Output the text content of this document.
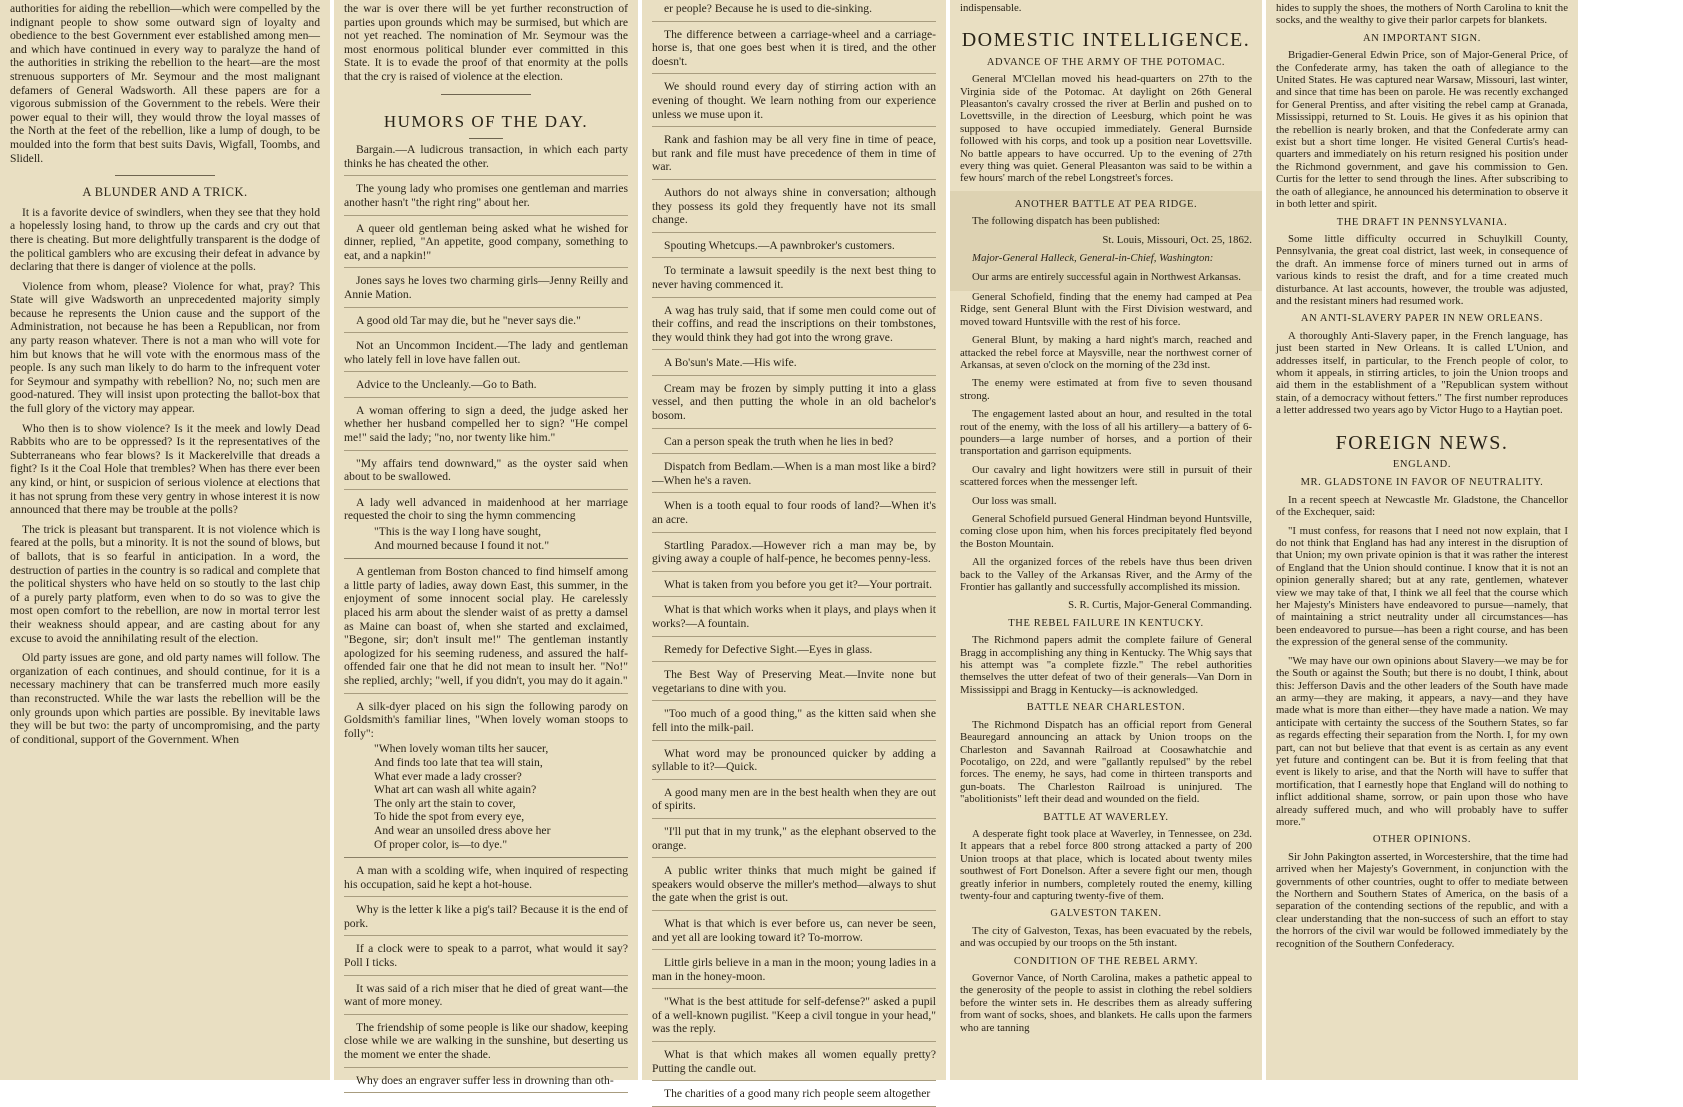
authorities for aiding the rebellion—which were compelled by the indignant people to show some outward sign of loyalty and obedience to the best Government ever established among men—and which have continued in every way to paralyze the hand of the authorities in striking the rebellion to the heart—are the most strenuous supporters of Mr. Seymour and the most malignant defamers of General Wadsworth. All these papers are for a vigorous submission of the Government to the rebels. Were their power equal to their will, they would throw the loyal masses of the North at the feet of the rebellion, like a lump of dough, to be moulded into the form that best suits Davis, Wigfall, Toombs, and Slidell.

A BLUNDER AND A TRICK.

It is a favorite device of swindlers, when they see that they hold a hopelessly losing hand, to throw up the cards and cry out that there is cheating. But more delightfully transparent is the dodge of the political gamblers who are excusing their defeat in advance by declaring that there is danger of violence at the polls.

Violence from whom, please? Violence for what, pray? This State will give Wadsworth an unprecedented majority simply because he represents the Union cause and the support of the Administration, not because he has been a Republican, nor from any party reason whatever. There is not a man who will vote for him but knows that he will vote with the enormous mass of the people. Is any such man likely to do harm to the infrequent voter for Seymour and sympathy with rebellion? No, no; such men are good-natured. They will insist upon protecting the ballot-box that the full glory of the victory may appear.

Who then is to show violence? Is it the meek and lowly Dead Rabbits who are to be oppressed? Is it the representatives of the Subterraneans who fear blows? Is it Mackerelville that dreads a fight? Is it the Coal Hole that trembles? When has there ever been any kind, or hint, or suspicion of serious violence at elections that it has not sprung from these very gentry in whose interest it is now announced that there may be trouble at the polls?

The trick is pleasant but transparent. It is not violence which is feared at the polls, but a minority. It is not the sound of blows, but of ballots, that is so fearful in anticipation. In a word, the destruction of parties in the country is so radical and complete that the political shysters who have held on so stoutly to the last chip of a purely party platform, even when to do so was to give the most open comfort to the rebellion, are now in mortal terror lest their weakness should appear, and are casting about for any excuse to avoid the annihilating result of the election.

Old party issues are gone, and old party names will follow. The organization of each continues, and should continue, for it is a necessary machinery that can be transferred much more easily than reconstructed. While the war lasts the rebellion will be the only grounds upon which parties are possible. By inevitable laws they will be but two: the party of uncompromising, and the party of conditional, support of the Government. When

the war is over there will be yet further reconstruction of parties upon grounds which may be surmised, but which are not yet reached. The nomination of Mr. Seymour was the most enormous political blunder ever committed in this State. It is to evade the proof of that enormity at the polls that the cry is raised of violence at the election.

HUMORS OF THE DAY.

Bargain.—A ludicrous transaction, in which each party thinks he has cheated the other.

The young lady who promises one gentleman and marries another hasn't "the right ring" about her.

A queer old gentleman being asked what he wished for dinner, replied, "An appetite, good company, something to eat, and a napkin!"

Jones says he loves two charming girls—Jenny Reilly and Annie Mation.

A good old Tar may die, but he "never says die."

Not an Uncommon Incident.—The lady and gentleman who lately fell in love have fallen out.

Advice to the Uncleanly.—Go to Bath.

A woman offering to sign a deed, the judge asked her whether her husband compelled her to sign? "He compel me!" said the lady; "no, nor twenty like him."

"My affairs tend downward," as the oyster said when about to be swallowed.

A lady well advanced in maidenhood at her marriage requested the choir to sing the hymn commencing

"This is the way I long have sought,
And mourned because I found it not."

A gentleman from Boston chanced to find himself among a little party of ladies, away down East, this summer, in the enjoyment of some innocent social play. He carelessly placed his arm about the slender waist of as pretty a damsel as Maine can boast of, when she started and exclaimed, "Begone, sir; don't insult me!" The gentleman instantly apologized for his seeming rudeness, and assured the half-offended fair one that he did not mean to insult her. "No!" she replied, archly; "well, if you didn't, you may do it again."

A silk-dyer placed on his sign the following parody on Goldsmith's familiar lines, "When lovely woman stoops to folly":

"When lovely woman tilts her saucer,
And finds too late that tea will stain,
What ever made a lady crosser?
What art can wash all white again?
The only art the stain to cover,
To hide the spot from every eye,
And wear an unsoiled dress above her
Of proper color, is—to dye."

A man with a scolding wife, when inquired of respecting his occupation, said he kept a hot-house.

Why is the letter k like a pig's tail? Because it is the end of pork.

If a clock were to speak to a parrot, what would it say? Poll I ticks.

It was said of a rich miser that he died of great want—the want of more money.

The friendship of some people is like our shadow, keeping close while we are walking in the sunshine, but deserting us the moment we enter the shade.

Why does an engraver suffer less in drowning than oth-

er people? Because he is used to die-sinking.

The difference between a carriage-wheel and a carriage-horse is, that one goes best when it is tired, and the other doesn't.

We should round every day of stirring action with an evening of thought. We learn nothing from our experience unless we muse upon it.

Rank and fashion may be all very fine in time of peace, but rank and file must have precedence of them in time of war.

Authors do not always shine in conversation; although they possess its gold they frequently have not its small change.

Spouting Whetcups.—A pawnbroker's customers.

To terminate a lawsuit speedily is the next best thing to never having commenced it.

A wag has truly said, that if some men could come out of their coffins, and read the inscriptions on their tombstones, they would think they had got into the wrong grave.

A Bo'sun's Mate.—His wife.

Cream may be frozen by simply putting it into a glass vessel, and then putting the whole in an old bachelor's bosom.

Can a person speak the truth when he lies in bed?

Dispatch from Bedlam.—When is a man most like a bird?—When he's a raven.

When is a tooth equal to four roods of land?—When it's an acre.

Startling Paradox.—However rich a man may be, by giving away a couple of half-pence, he becomes penny-less.

What is taken from you before you get it?—Your portrait.

What is that which works when it plays, and plays when it works?—A fountain.

Remedy for Defective Sight.—Eyes in glass.

The Best Way of Preserving Meat.—Invite none but vegetarians to dine with you.

"Too much of a good thing," as the kitten said when she fell into the milk-pail.

What word may be pronounced quicker by adding a syllable to it?—Quick.

A good many men are in the best health when they are out of spirits.

"I'll put that in my trunk," as the elephant observed to the orange.

A public writer thinks that much might be gained if speakers would observe the miller's method—always to shut the gate when the grist is out.

What is that which is ever before us, can never be seen, and yet all are looking toward it? To-morrow.

Little girls believe in a man in the moon; young ladies in a man in the honey-moon.

"What is the best attitude for self-defense?" asked a pupil of a well-known pugilist. "Keep a civil tongue in your head," was the reply.

What is that which makes all women equally pretty? Putting the candle out.

The charities of a good many rich people seem altogether

indispensable.

DOMESTIC INTELLIGENCE.
ADVANCE OF THE ARMY OF THE POTOMAC.

General M'Clellan moved his head-quarters on 27th to the Virginia side of the Potomac. At daylight on 26th General Pleasanton's cavalry crossed the river at Berlin and pushed on to Lovettsville, in the direction of Leesburg, which point he was supposed to have occupied immediately. General Burnside followed with his corps, and took up a position near Lovettsville. No battle appears to have occurred. Up to the evening of 27th every thing was quiet. General Pleasanton was said to be within a few hours' march of the rebel Longstreet's forces.

ANOTHER BATTLE AT PEA RIDGE.

The following dispatch has been published:

St. Louis, Missouri, Oct. 25, 1862.

Major-General Halleck, General-in-Chief, Washington:

Our arms are entirely successful again in Northwest Arkansas.

General Schofield, finding that the enemy had camped at Pea Ridge, sent General Blunt with the First Division westward, and moved toward Huntsville with the rest of his force.

General Blunt, by making a hard night's march, reached and attacked the rebel force at Maysville, near the northwest corner of Arkansas, at seven o'clock on the morning of the 23d inst.

The enemy were estimated at from five to seven thousand strong.

The engagement lasted about an hour, and resulted in the total rout of the enemy, with the loss of all his artillery—a battery of 6-pounders—a large number of horses, and a portion of their transportation and garrison equipments.

Our cavalry and light howitzers were still in pursuit of their scattered forces when the messenger left.

Our loss was small.

General Schofield pursued General Hindman beyond Huntsville, coming close upon him, when his forces precipitately fled beyond the Boston Mountain.

All the organized forces of the rebels have thus been driven back to the Valley of the Arkansas River, and the Army of the Frontier has gallantly and successfully accomplished its mission.

S. R. Curtis, Major-General Commanding.

THE REBEL FAILURE IN KENTUCKY.

The Richmond papers admit the complete failure of General Bragg in accomplishing any thing in Kentucky. The Whig says that his attempt was "a complete fizzle." The rebel authorities themselves the utter defeat of two of their generals—Van Dorn in Mississippi and Bragg in Kentucky—is acknowledged.

BATTLE NEAR CHARLESTON.

The Richmond Dispatch has an official report from General Beauregard announcing an attack by Union troops on the Charleston and Savannah Railroad at Coosawhatchie and Pocotaligo, on 22d, and were "gallantly repulsed" by the rebel forces. The enemy, he says, had come in thirteen transports and gun-boats. The Charleston Railroad is uninjured. The "abolitionists" left their dead and wounded on the field.

BATTLE AT WAVERLEY.

A desperate fight took place at Waverley, in Tennessee, on 23d. It appears that a rebel force 800 strong attacked a party of 200 Union troops at that place, which is located about twenty miles southwest of Fort Donelson. After a severe fight our men, though greatly inferior in numbers, completely routed the enemy, killing twenty-four and capturing twenty-five of them.

GALVESTON TAKEN.

The city of Galveston, Texas, has been evacuated by the rebels, and was occupied by our troops on the 5th instant.

CONDITION OF THE REBEL ARMY.

Governor Vance, of North Carolina, makes a pathetic appeal to the generosity of the people to assist in clothing the rebel soldiers before the winter sets in. He describes them as already suffering from want of socks, shoes, and blankets. He calls upon the farmers who are tanning

hides to supply the shoes, the mothers of North Carolina to knit the socks, and the wealthy to give their parlor carpets for blankets.

AN IMPORTANT SIGN.

Brigadier-General Edwin Price, son of Major-General Price, of the Confederate army, has taken the oath of allegiance to the United States. He was captured near Warsaw, Missouri, last winter, and since that time has been on parole. He was recently exchanged for General Prentiss, and after visiting the rebel camp at Granada, Mississippi, returned to St. Louis. He gives it as his opinion that the rebellion is nearly broken, and that the Confederate army can exist but a short time longer. He visited General Curtis's head-quarters and immediately on his return resigned his position under the Richmond government, and gave his commission to Gen. Curtis for the letter to send through the lines. After subscribing to the oath of allegiance, he announced his determination to observe it in both letter and spirit.

THE DRAFT IN PENNSYLVANIA.

Some little difficulty occurred in Schuylkill County, Pennsylvania, the great coal district, last week, in consequence of the draft. An immense force of miners turned out in arms of various kinds to resist the draft, and for a time created much disturbance. At last accounts, however, the trouble was adjusted, and the resistant miners had resumed work.

AN ANTI-SLAVERY PAPER IN NEW ORLEANS.

A thoroughly Anti-Slavery paper, in the French language, has just been started in New Orleans. It is called L'Union, and addresses itself, in particular, to the French people of color, to whom it appeals, in stirring articles, to join the Union troops and aid them in the establishment of a "Republican system without stain, of a democracy without fetters." The first number reproduces a letter addressed two years ago by Victor Hugo to a Haytian poet.

FOREIGN NEWS.
ENGLAND.
MR. GLADSTONE IN FAVOR OF NEUTRALITY.

In a recent speech at Newcastle Mr. Gladstone, the Chancellor of the Exchequer, said:

"I must confess, for reasons that I need not now explain, that I do not think that England has had any interest in the disruption of that Union; my own private opinion is that it was rather the interest of England that the Union should continue. I know that it is not an opinion generally shared; but at any rate, gentlemen, whatever view we may take of that, I think we all feel that the course which her Majesty's Ministers have endeavored to pursue—namely, that of maintaining a strict neutrality under all circumstances—has been endeavored to pursue—has been a right course, and has been the expression of the general sense of the community.

"We may have our own opinions about Slavery—we may be for the South or against the South; but there is no doubt, I think, about this: Jefferson Davis and the other leaders of the South have made an army—they are making, it appears, a navy—and they have made what is more than either—they have made a nation. We may anticipate with certainty the success of the Southern States, so far as regards effecting their separation from the North. I, for my own part, can not but believe that that event is as certain as any event yet future and contingent can be. But it is from feeling that that event is likely to arise, and that the North will have to suffer that mortification, that I earnestly hope that England will do nothing to inflict additional shame, sorrow, or pain upon those who have already suffered much, and who will probably have to suffer more."

OTHER OPINIONS.

Sir John Pakington asserted, in Worcestershire, that the time had arrived when her Majesty's Government, in conjunction with the governments of other countries, ought to offer to mediate between the Northern and Southern States of America, on the basis of a separation of the contending sections of the republic, and with a clear understanding that the non-success of such an effort to stay the horrors of the civil war would be followed immediately by the recognition of the Southern Confederacy.
